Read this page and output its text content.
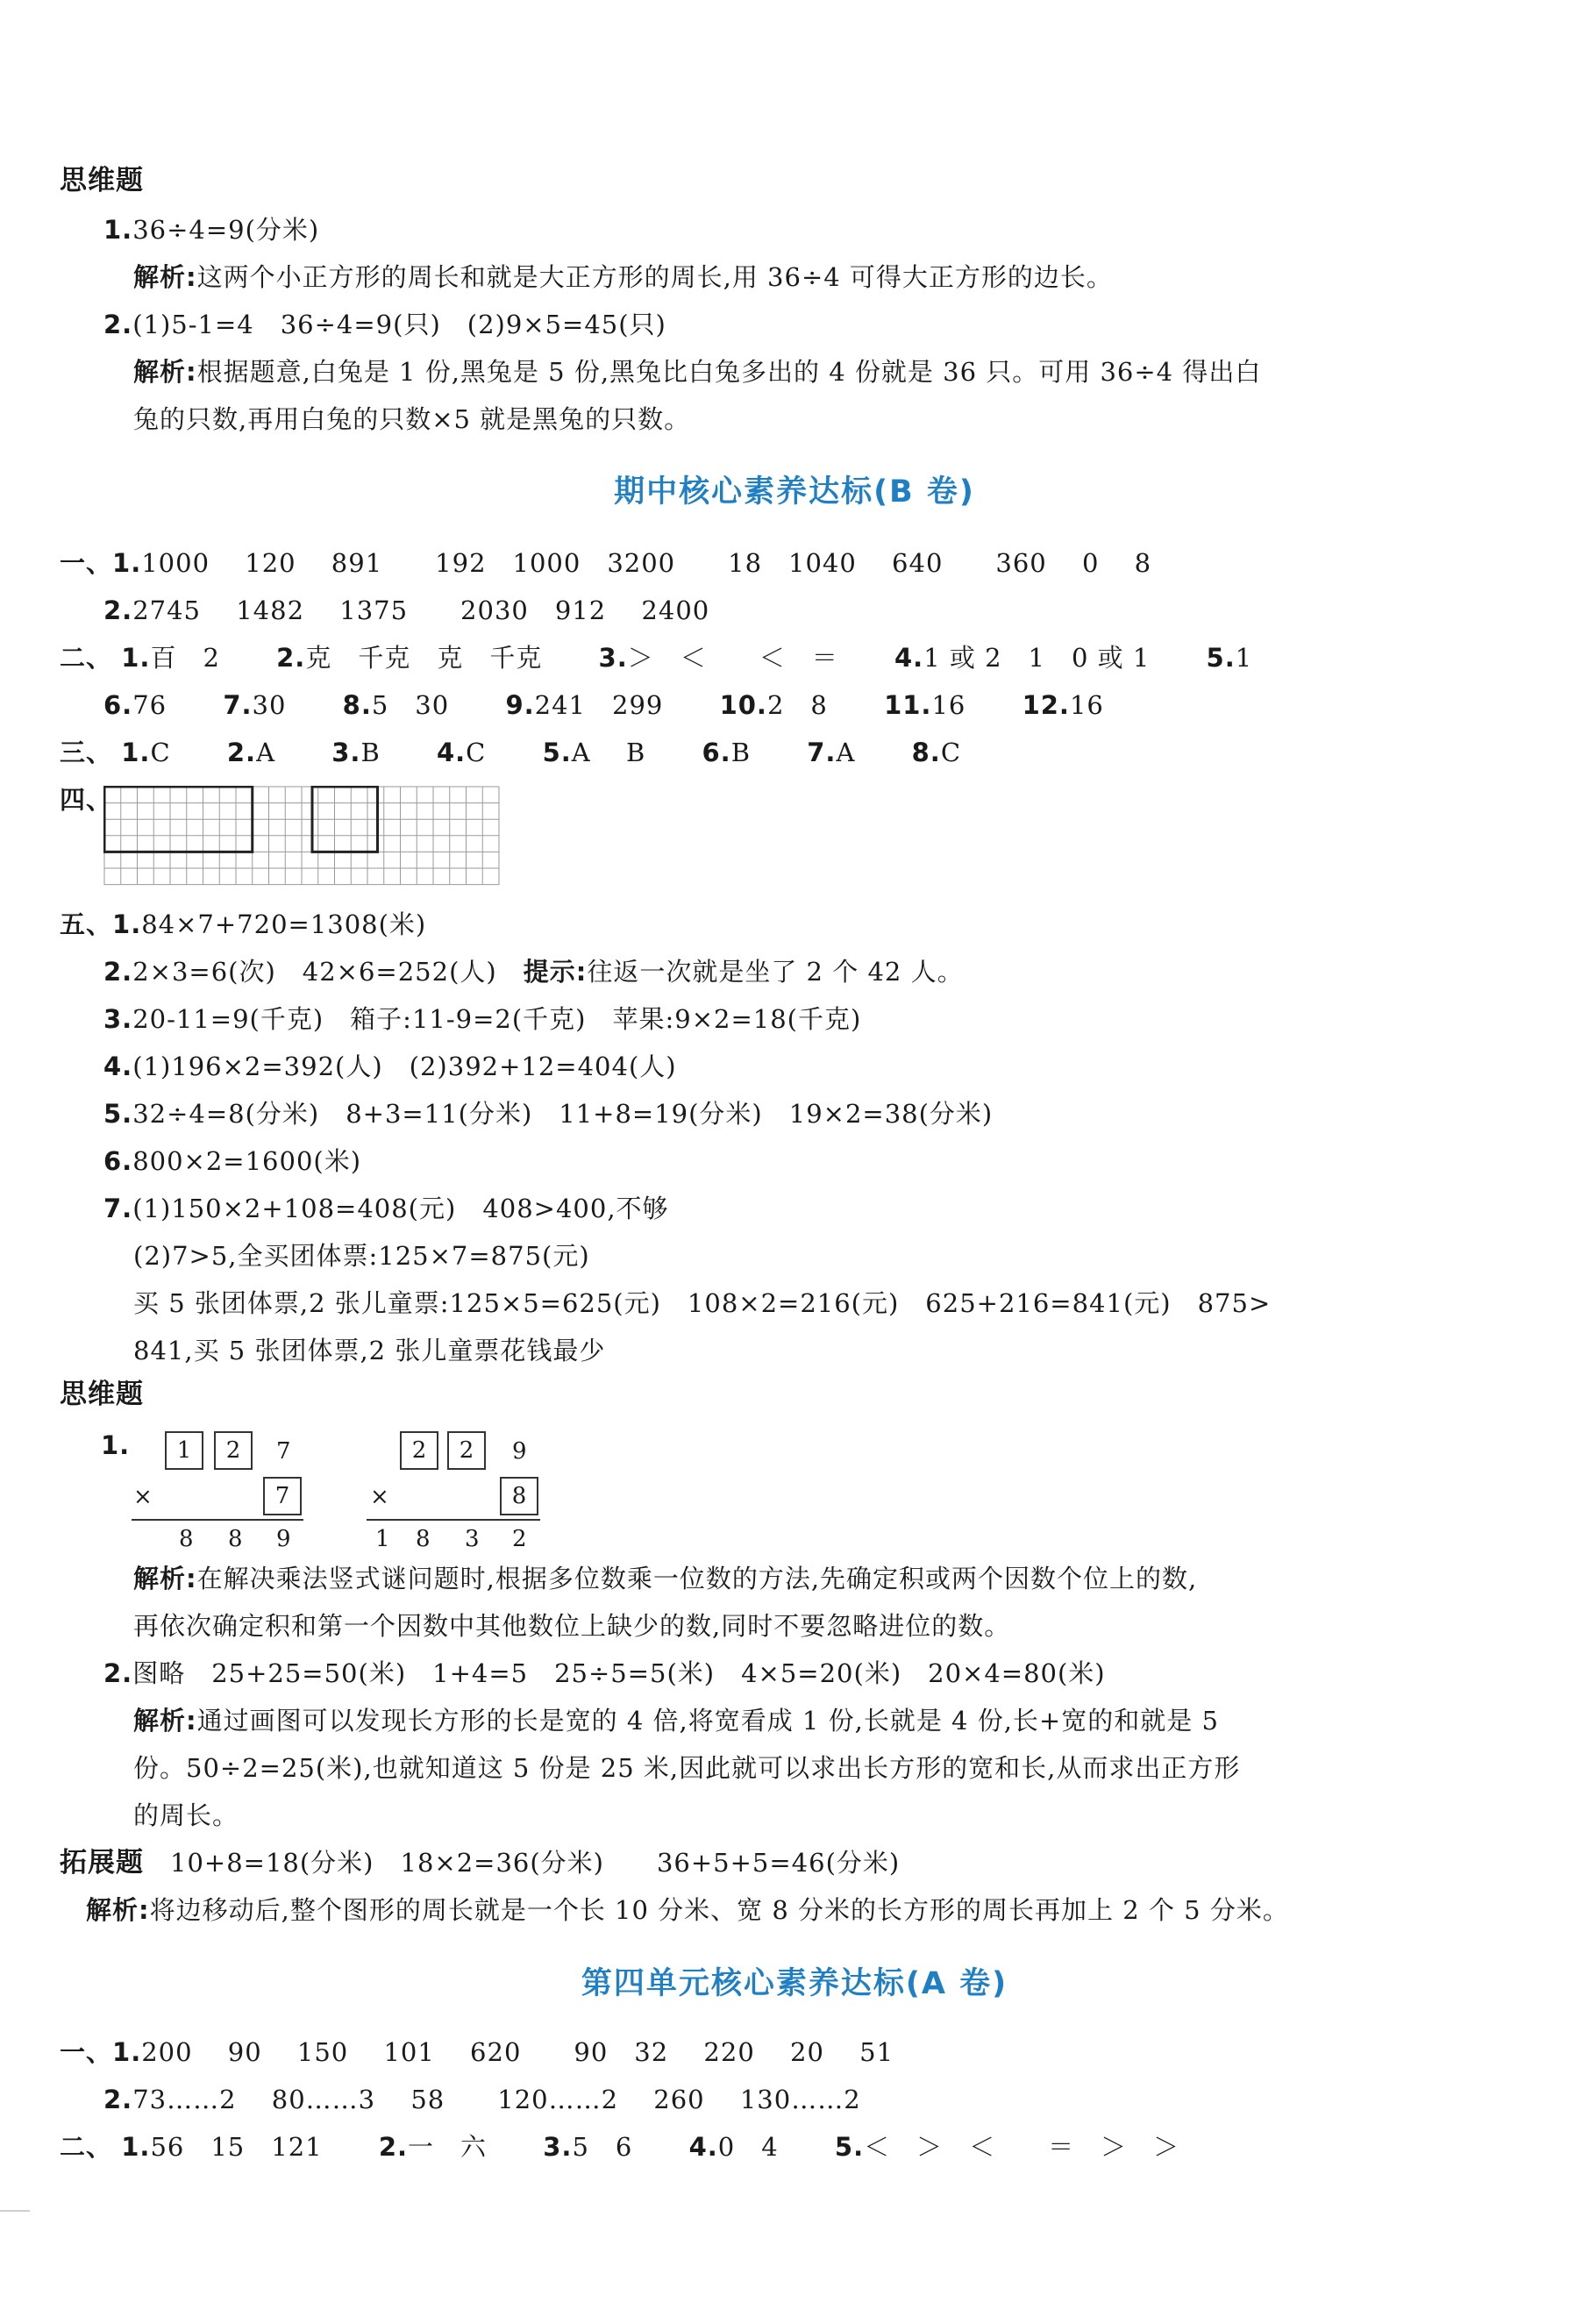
思维题
1.36÷4=9(分米)
解析:这两个小正方形的周长和就是大正方形的周长,用 36÷4 可得大正方形的边长。
2.(1)5-1=4　36÷4=9(只)　(2)9×5=45(只)
解析:根据题意,白兔是 1 份,黑兔是 5 份,黑兔比白兔多出的 4 份就是 36 只。可用 36÷4 得出白
兔的只数,再用白兔的只数×5 就是黑兔的只数。
期中核心素养达标(B 卷)
一、1.1000　 120　 891　　192　1000　3200　　18　1040　 640　　360　 0　 8
2.2745　 1482　 1375　　2030　912　 2400
二、 1.百　2 2.克　千克　克　千克 3.＞　＜　　＜　＝ 4.1 或 2　1　0 或 1 5.1
6.76 7.30 8.5　30 9.241　299 10.2　8 11.16 12.16
三、 1.C 2.A 3.B 4.C 5.A　 B 6.B 7.A 8.C
四、
五、1.84×7+720=1308(米)
2.2×3=6(次)　42×6=252(人)　 提示:往返一次就是坐了 2 个 42 人。
3.20-11=9(千克)　箱子:11-9=2(千克)　苹果:9×2=18(千克)
4.(1)196×2=392(人)　(2)392+12=404(人)
5.32÷4=8(分米)　8+3=11(分米)　11+8=19(分米)　19×2=38(分米)
6.800×2=1600(米)
7.(1)150×2+108=408(元)　408>400,不够
(2)7>5,全买团体票:125×7=875(元)
买 5 张团体票,2 张儿童票:125×5=625(元)　108×2=216(元)　625+216=841(元)　875>
841,买 5 张团体票,2 张儿童票花钱最少
思维题
1.	1	2	7
×	7
8 8 9
2	2	9
×	8
1 8 3 2
解析:在解决乘法竖式谜问题时,根据多位数乘一位数的方法,先确定积或两个因数个位上的数,
再依次确定积和第一个因数中其他数位上缺少的数,同时不要忽略进位的数。
2.图略　25+25=50(米)　1+4=5　25÷5=5(米)　4×5=20(米)　20×4=80(米)
解析:通过画图可以发现长方形的长是宽的 4 倍,将宽看成 1 份,长就是 4 份,长+宽的和就是 5
份。50÷2=25(米),也就知道这 5 份是 25 米,因此就可以求出长方形的宽和长,从而求出正方形
的周长。
拓展题　 10+8=18(分米)　18×2=36(分米)　　36+5+5=46(分米)
解析:将边移动后,整个图形的周长就是一个长 10 分米、宽 8 分米的长方形的周长再加上 2 个 5 分米。
第四单元核心素养达标(A 卷)
一、1.200　 90　 150　 101　 620　　90　32　 220　 20　 51
2.73……2　 80……3　 58　　120……2　 260　 130……2
二、 1.56　15　121 2.一　六 3.5　6 4.0　4 5.＜　＞　＜　　＝　＞　＞
